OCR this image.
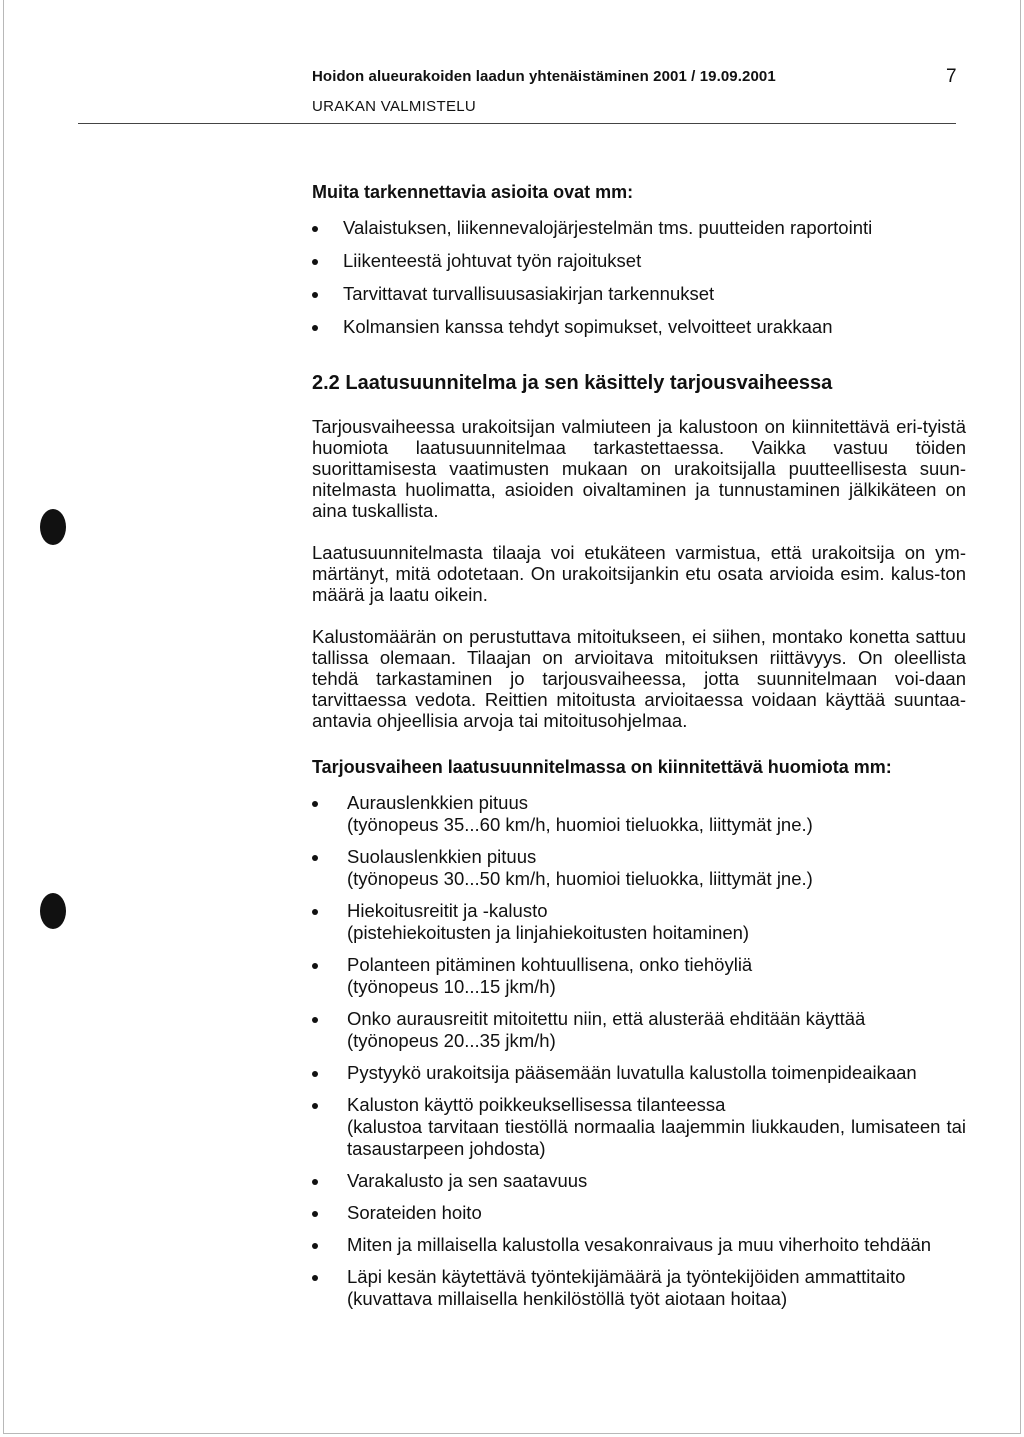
Hoidon alueurakoiden laadun yhtenäistäminen 2001 / 19.09.2001
URAKAN VALMISTELU
7
Muita tarkennettavia asioita ovat mm:
Valaistuksen, liikennevalojärjestelmän tms. puutteiden raportointi
Liikenteestä johtuvat työn rajoitukset
Tarvittavat turvallisuusasiakirjan tarkennukset
Kolmansien kanssa tehdyt sopimukset, velvoitteet urakkaan
2.2 Laatusuunnitelma ja sen käsittely tarjousvaiheessa

Tarjousvaiheessa urakoitsijan valmiuteen ja kalustoon on kiinnitettävä eri-tyistä huomiota laatusuunnitelmaa tarkastettaessa. Vaikka vastuu töiden suorittamisesta vaatimusten mukaan on urakoitsijalla puutteellisesta suun-nitelmasta huolimatta, asioiden oivaltaminen ja tunnustaminen jälkikäteen on aina tuskallista.

Laatusuunnitelmasta tilaaja voi etukäteen varmistua, että urakoitsija on ym-märtänyt, mitä odotetaan. On urakoitsijankin etu osata arvioida esim. kalus-ton määrä ja laatu oikein.

Kalustomäärän on perustuttava mitoitukseen, ei siihen, montako konetta sattuu tallissa olemaan. Tilaajan on arvioitava mitoituksen riittävyys. On oleellista tehdä tarkastaminen jo tarjousvaiheessa, jotta suunnitelmaan voi-daan tarvittaessa vedota. Reittien mitoitusta arvioitaessa voidaan käyttää suuntaa-antavia ohjeellisia arvoja tai mitoitusohjelmaa.

Tarjousvaiheen laatusuunnitelmassa on kiinnitettävä huomiota mm:
Aurauslenkkien pituus
(työnopeus 35...60 km/h, huomioi tieluokka, liittymät jne.)
Suolauslenkkien pituus
(työnopeus 30...50 km/h, huomioi tieluokka, liittymät jne.)
Hiekoitusreitit ja -kalusto
(pistehiekoitusten ja linjahiekoitusten hoitaminen)
Polanteen pitäminen kohtuullisena, onko tiehöyliä
(työnopeus 10...15 jkm/h)
Onko aurausreitit mitoitettu niin, että alusterää ehditään käyttää
(työnopeus 20...35 jkm/h)
Pystyykö urakoitsija pääsemään luvatulla kalustolla toimenpideaikaan
Kaluston käyttö poikkeuksellisessa tilanteessa
(kalustoa tarvitaan tiestöllä normaalia laajemmin liukkauden, lumisateen tai tasaustarpeen johdosta)
Varakalusto ja sen saatavuus
Sorateiden hoito
Miten ja millaisella kalustolla vesakonraivaus ja muu viherhoito tehdään
Läpi kesän käytettävä työntekijämäärä ja työntekijöiden ammattitaito
(kuvattava millaisella henkilöstöllä työt aiotaan hoitaa)
